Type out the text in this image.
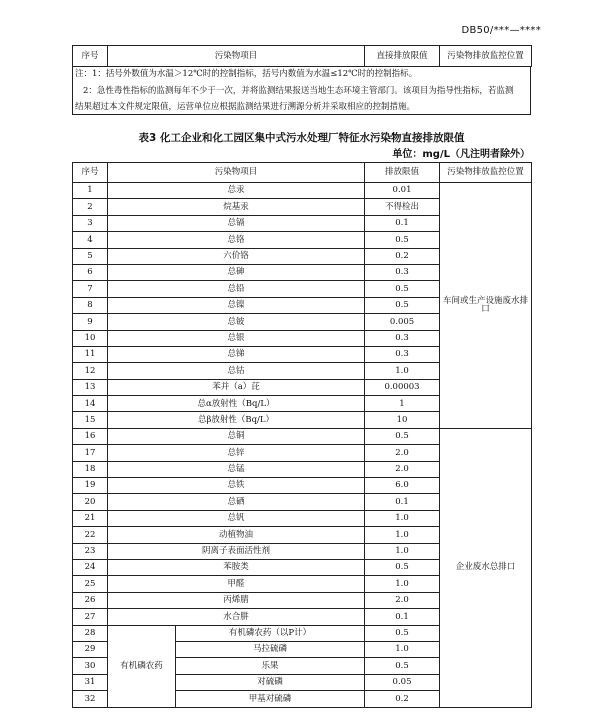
DB50/***—****
序号	污染物项目	直接排放限值	污染物排放监控位置

注：1：括号外数值为水温＞12℃时的控制指标，括号内数值为水温≤12℃时的控制指标。

2：急性毒性指标的监测每年不少于一次，并将监测结果报送当地生态环境主管部门。该项目为指导性指标，若监测

结果超过本文件规定限值，运营单位应根据监测结果进行溯源分析并采取相应的控制措施。

表3 化工企业和化工园区集中式污水处理厂特征水污染物直接排放限值
单位：mg/L（凡注明者除外）
序号	污染物项目		排放限值	污染物排放监控位置
1	总汞		0.01	车间或生产设施废水排口
2	烷基汞		不得检出	
3	总镉		0.1	
4	总铬		0.5	
5	六价铬		0.2	
6	总砷		0.3	
7	总铅		0.5	
8	总镍		0.5	
9	总铍		0.005	
10	总银		0.3	
11	总锑		0.3	
12	总钴		1.0	
13	苯并（a）芘		0.00003	
14	总α放射性（Bq/L）		1	
15	总β放射性（Bq/L）		10	
16	总铜		0.5	企业废水总排口
17	总锌		2.0	
18	总锰		2.0	
19	总铁		6.0	
20	总硒		0.1	
21	总钒		1.0	
22	动植物油		1.0	
23	阴离子表面活性剂		1.0	
24	苯胺类		0.5	
25	甲醛		1.0	
26	丙烯腈		2.0	
27	水合肼		0.1	
28	有机磷农药	有机磷农药（以P计）	0.5	
29		马拉硫磷	1.0	
30		乐果	0.5	
31		对硫磷	0.05	
32		甲基对硫磷	0.2	
